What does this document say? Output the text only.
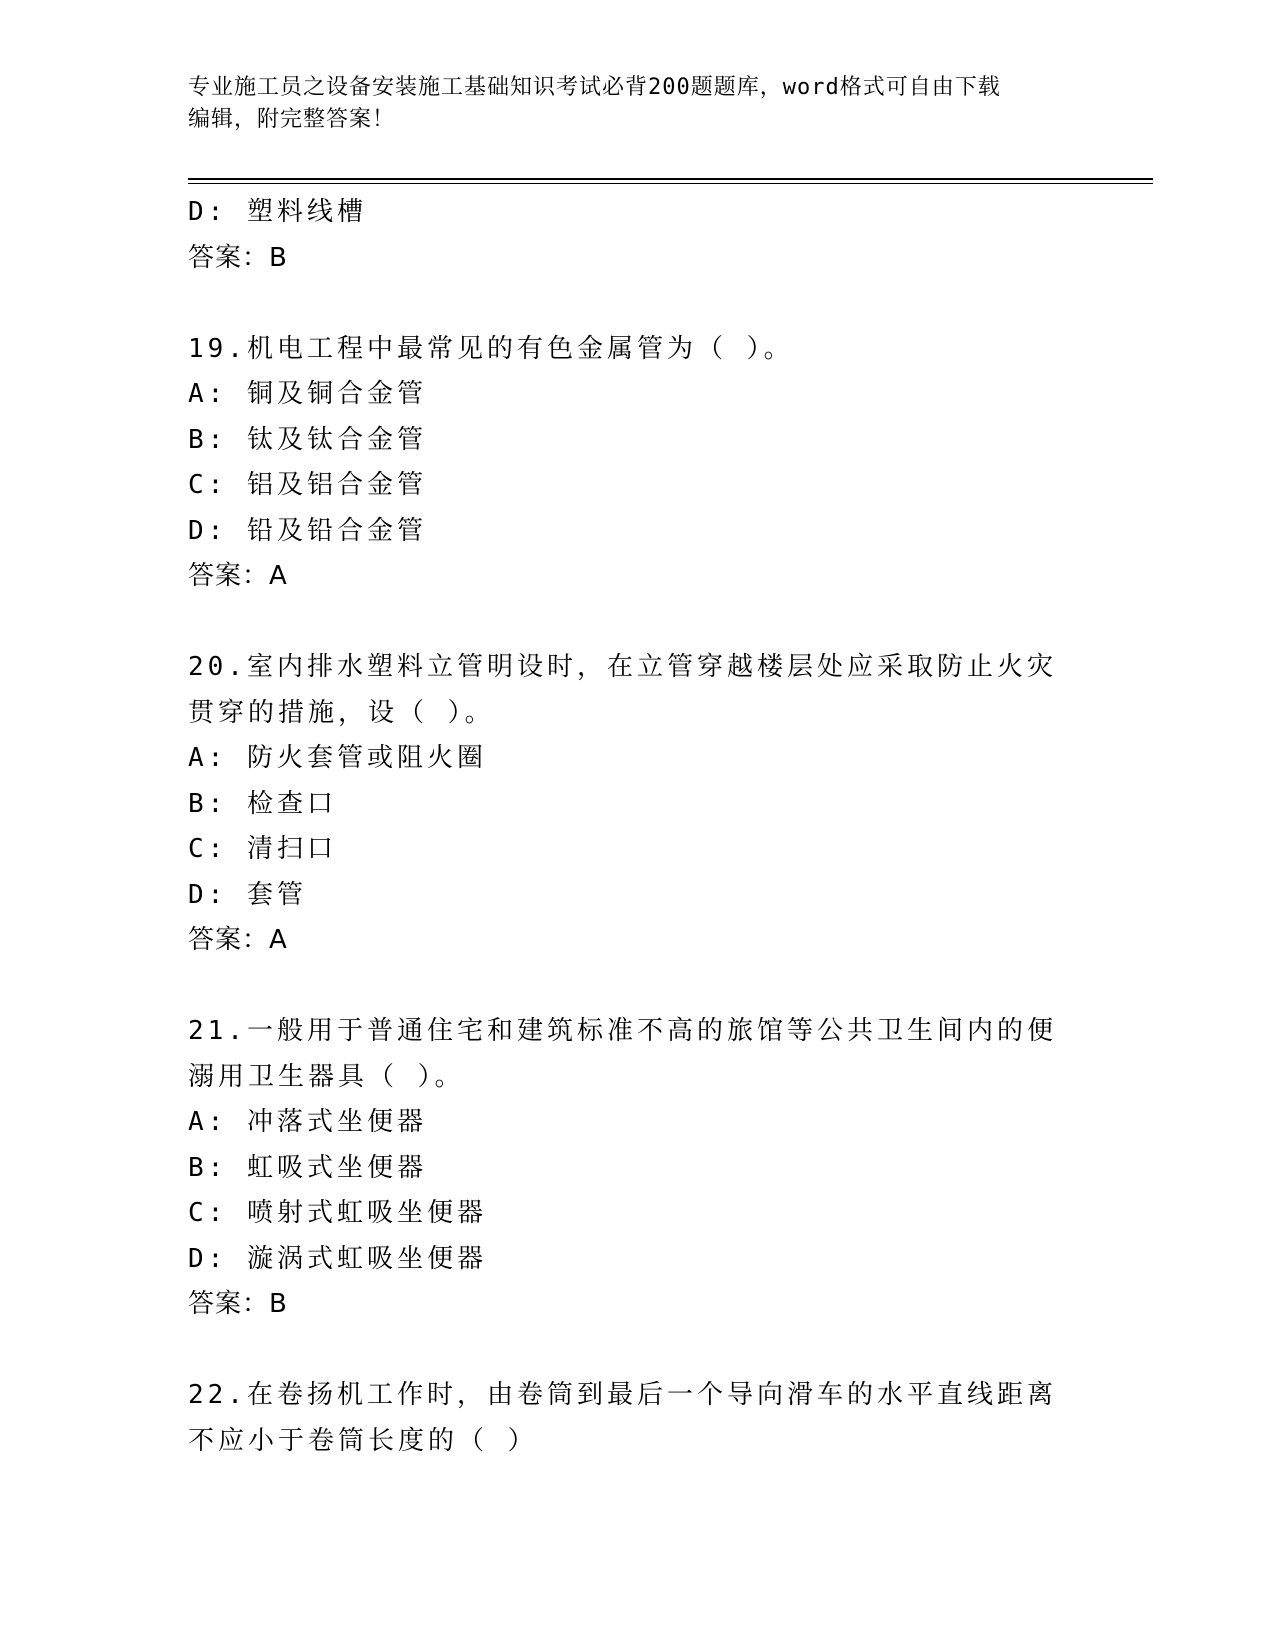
专业施工员之设备安装施工基础知识考试必背200题题库，word格式可自由下载
编辑，附完整答案！
D: 塑料线槽
答案：B
19.机电工程中最常见的有色金属管为（ ）。
A: 铜及铜合金管
B: 钛及钛合金管
C: 铝及铝合金管
D: 铅及铅合金管
答案：A
20.室内排水塑料立管明设时，在立管穿越楼层处应采取防止火灾贯穿的措施，设（ ）。
A: 防火套管或阻火圈
B: 检查口
C: 清扫口
D: 套管
答案：A
21.一般用于普通住宅和建筑标准不高的旅馆等公共卫生间内的便溺用卫生器具（ ）。
A: 冲落式坐便器
B: 虹吸式坐便器
C: 喷射式虹吸坐便器
D: 漩涡式虹吸坐便器
答案：B
22.在卷扬机工作时，由卷筒到最后一个导向滑车的水平直线距离不应小于卷筒长度的（ ）
